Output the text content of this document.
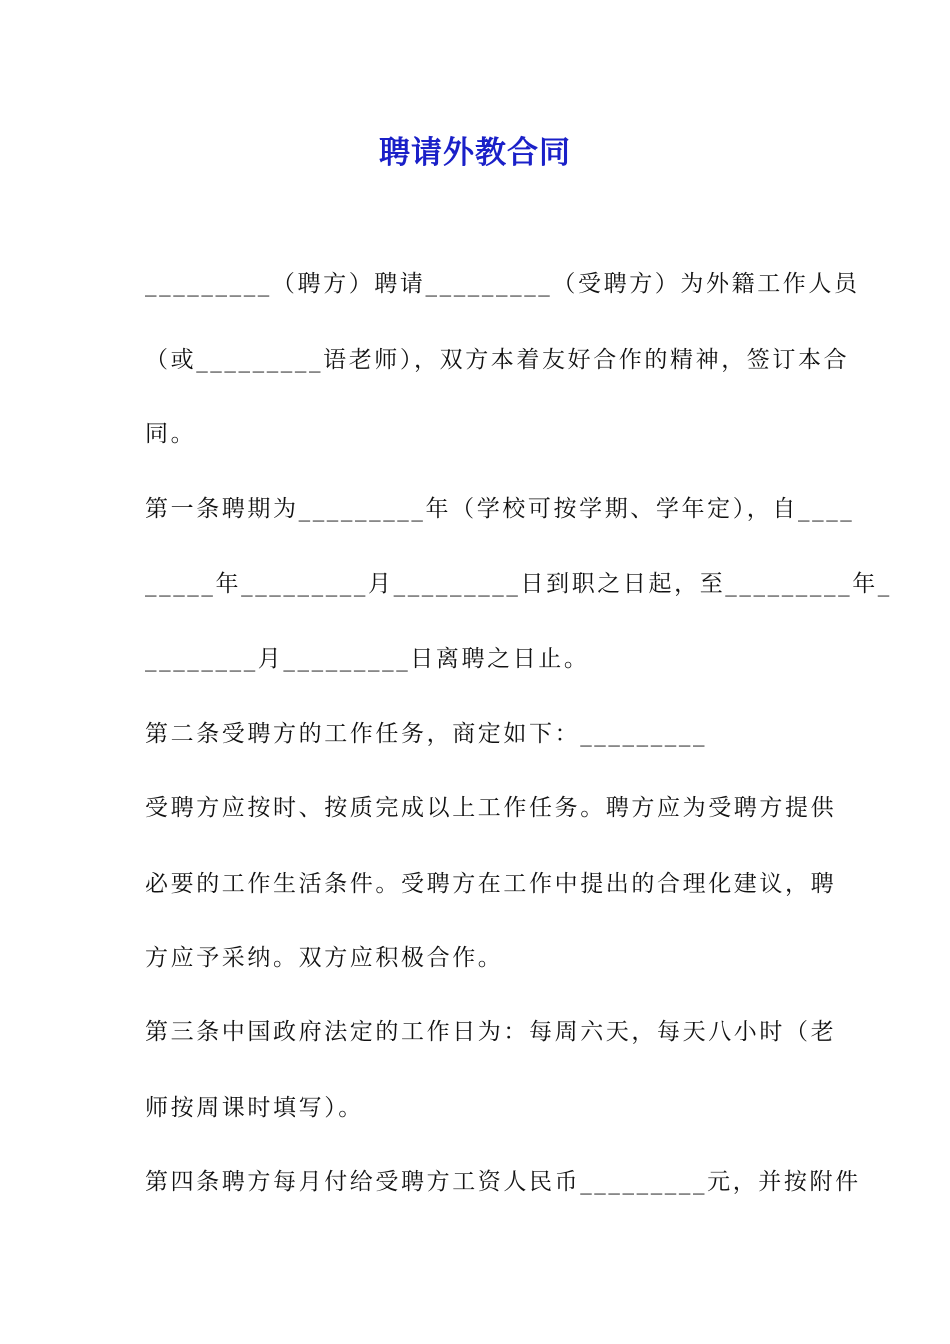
聘请外教合同
_________（聘方）聘请_________（受聘方）为外籍工作人员
（或_________语老师），双方本着友好合作的精神，签订本合
同。
第一条聘期为_________年（学校可按学期、学年定），自____
_____年_________月_________日到职之日起，至_________年_
________月_________日离聘之日止。
第二条受聘方的工作任务，商定如下：_________
受聘方应按时、按质完成以上工作任务。聘方应为受聘方提供
必要的工作生活条件。受聘方在工作中提出的合理化建议，聘
方应予采纳。双方应积极合作。
第三条中国政府法定的工作日为：每周六天，每天八小时（老
师按周课时填写）。
第四条聘方每月付给受聘方工资人民币_________元，并按附件
